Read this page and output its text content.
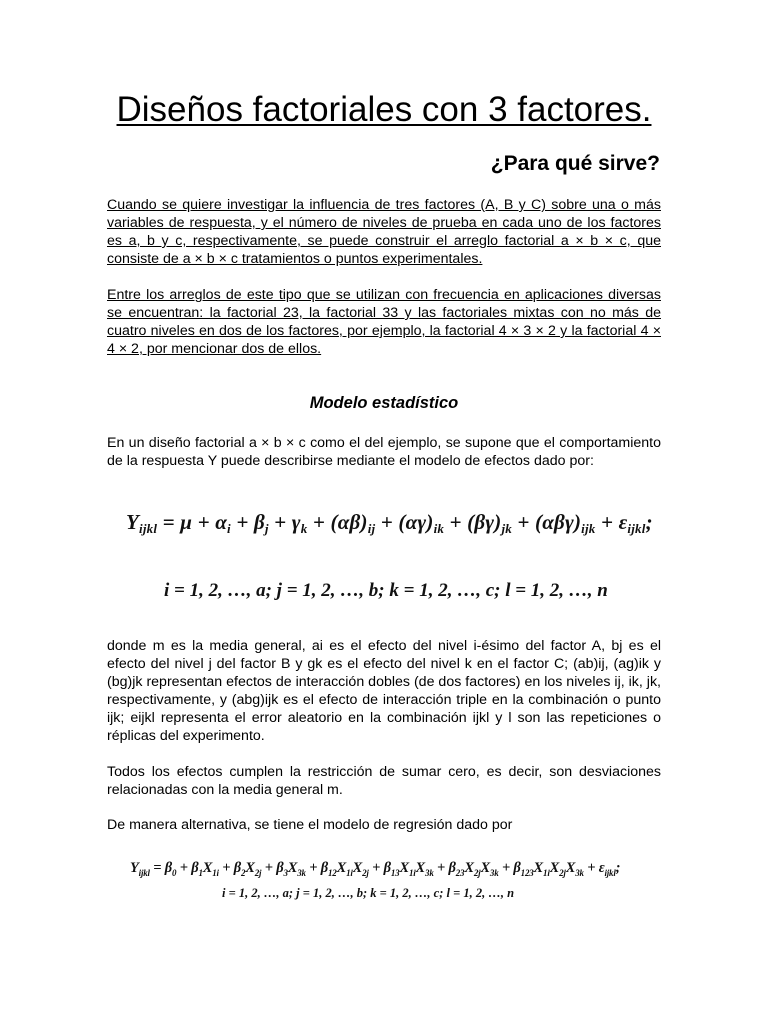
Diseños factoriales con 3 factores.
¿Para qué sirve?
Cuando se quiere investigar la influencia de tres factores (A, B y C) sobre una o más variables de respuesta, y el número de niveles de prueba en cada uno de los factores es a, b y c, respectivamente, se puede construir el arreglo factorial a × b × c, que consiste de a × b × c tratamientos o puntos experimentales.
Entre los arreglos de este tipo que se utilizan con frecuencia en aplicaciones diversas se encuentran: la factorial 23, la factorial 33 y las factoriales mixtas con no más de cuatro niveles en dos de los factores, por ejemplo, la factorial 4 × 3 × 2 y la factorial 4 × 4 × 2, por mencionar dos de ellos.
Modelo estadístico
En un diseño factorial a × b × c como el del ejemplo, se supone que el comportamiento de la respuesta Y puede describirse mediante el modelo de efectos dado por:
$Y_{ijkl} = \mu + \alpha_i + \beta_j + \gamma_k + (\alpha\beta)_{ij} + (\alpha\gamma)_{ik} + (\beta\gamma)_{jk} + (\alpha\beta\gamma)_{ijk} + \varepsilon_{ijkl}$;
i = 1, 2, …, a; j = 1, 2, …, b; k = 1, 2, …, c; l = 1, 2, …, n
donde m es la media general, ai es el efecto del nivel i-ésimo del factor A, bj es el efecto del nivel j del factor B y gk es el efecto del nivel k en el factor C; (ab)ij, (ag)ik y (bg)jk representan efectos de interacción dobles (de dos factores) en los niveles ij, ik, jk, respectivamente, y (abg)ijk es el efecto de interacción triple en la combinación o punto ijk; eijkl representa el error aleatorio en la combinación ijkl y l son las repeticiones o réplicas del experimento.
Todos los efectos cumplen la restricción de sumar cero, es decir, son desviaciones relacionadas con la media general m.
De manera alternativa, se tiene el modelo de regresión dado por
$Y_{ijkl} = \beta_0 + \beta_1X_{1i} + \beta_2X_{2j} + \beta_3X_{3k} + \beta_{12}X_{1i}X_{2j} + \beta_{13}X_{1i}X_{3k} + \beta_{23}X_{2j}X_{3k} + \beta_{123}X_{1i}X_{2j}X_{3k} + \varepsilon_{ijkl}$;
i = 1, 2, …, a; j = 1, 2, …, b; k = 1, 2, …, c; l = 1, 2, …, n
